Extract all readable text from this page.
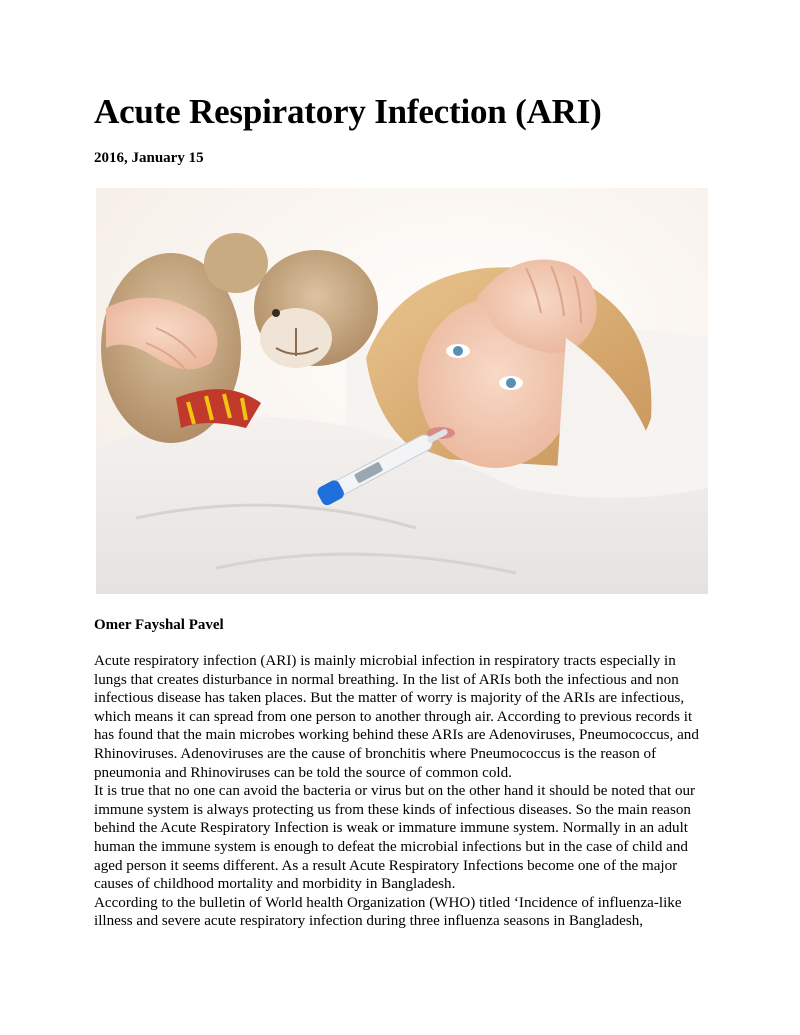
Acute Respiratory Infection (ARI)
2016, January 15
Omer Fayshal Pavel

Acute respiratory infection (ARI) is mainly microbial infection in respiratory tracts especially in lungs that creates disturbance in normal breathing. In the list of ARIs both the infectious and non infectious disease has taken places. But the matter of worry is majority of the ARIs are infectious, which means it can spread from one person to another through air. According to previous records it has found that the main microbes working behind these ARIs are Adenoviruses, Pneumococcus, and Rhinoviruses. Adenoviruses are the cause of bronchitis where Pneumococcus is the reason of pneumonia and Rhinoviruses can be told the source of common cold.

It is true that no one can avoid the bacteria or virus but on the other hand it should be noted that our immune system is always protecting us from these kinds of infectious diseases. So the main reason behind the Acute Respiratory Infection is weak or immature immune system. Normally in an adult human the immune system is enough to defeat the microbial infections but in the case of child and aged person it seems different. As a result Acute Respiratory Infections become one of the major causes of childhood mortality and morbidity in Bangladesh.

According to the bulletin of World health Organization (WHO) titled ‘Incidence of influenza-like illness and severe acute respiratory infection during three influenza seasons in Bangladesh,
